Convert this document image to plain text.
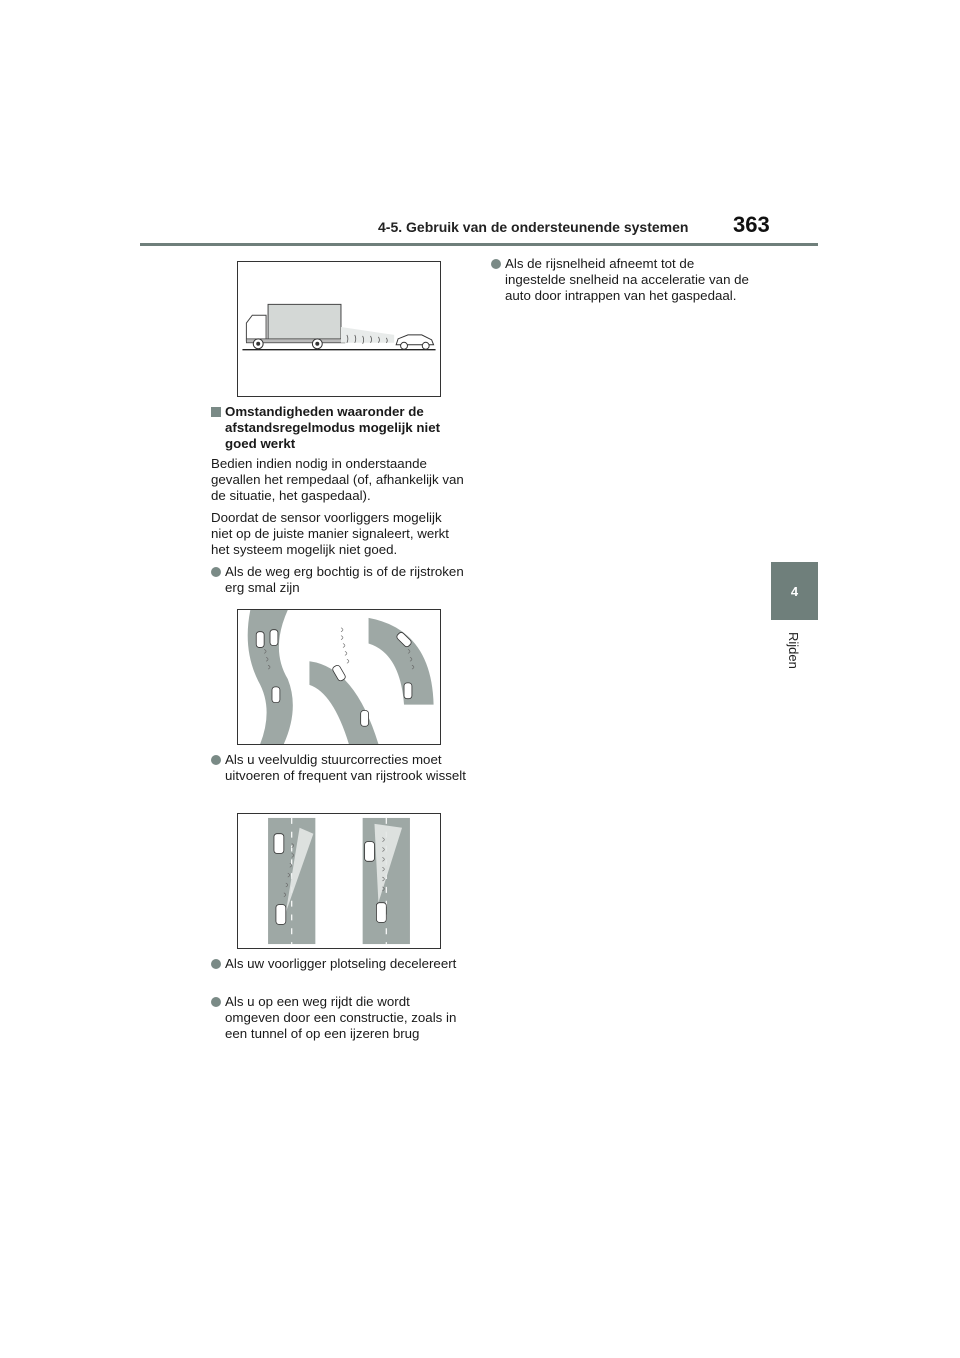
4-5. Gebruik van de ondersteunende systemen 363
4
Rijden
Omstandigheden waaronder de afstandsregelmodus mogelijk niet goed werkt

Bedien indien nodig in onderstaande gevallen het rempedaal (of, afhankelijk van de situatie, het gaspedaal).

Doordat de sensor voorliggers mogelijk niet op de juiste manier signaleert, werkt het systeem mogelijk niet goed.

Als de weg erg bochtig is of de rijstroken erg smal zijn
Als u veelvuldig stuurcorrecties moet uitvoeren of frequent van rijstrook wisselt
Als uw voorligger plotseling decelereert
Als u op een weg rijdt die wordt omgeven door een constructie, zoals in een tunnel of op een ijzeren brug
Als de rijsnelheid afneemt tot de ingestelde snelheid na acceleratie van de auto door intrappen van het gaspedaal.
